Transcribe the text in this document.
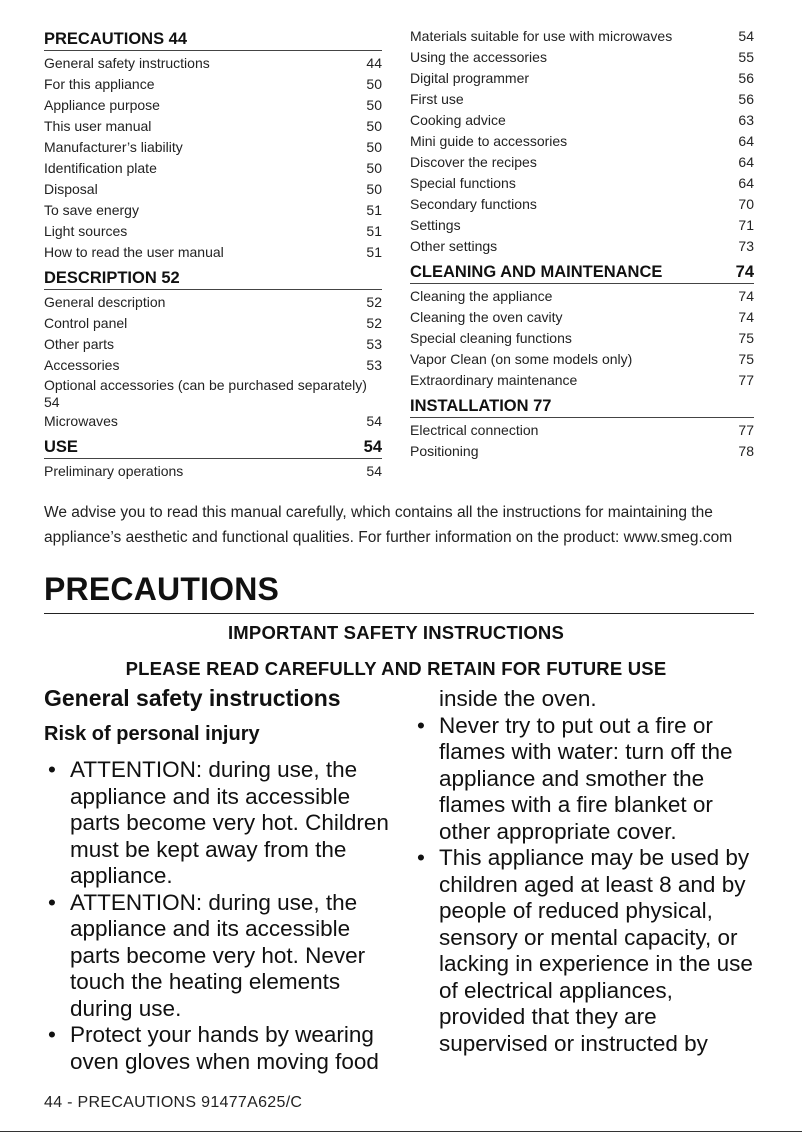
PRECAUTIONS 44
General safety instructions	44
For this appliance	50
Appliance purpose	50
This user manual	50
Manufacturer’s liability	50
Identification plate	50
Disposal	50
To save energy	51
Light sources	51
How to read the user manual	51
DESCRIPTION 52
General description	52
Control panel	52
Other parts	53
Accessories	53
Optional accessories (can be purchased separately) 54
Microwaves	54
USE	54
Preliminary operations	54
Materials suitable for use with microwaves	54
Using the accessories	55
Digital programmer	56
First use	56
Cooking advice	63
Mini guide to accessories	64
Discover the recipes	64
Special functions	64
Secondary functions	70
Settings	71
Other settings	73
CLEANING AND MAINTENANCE	74
Cleaning the appliance	74
Cleaning the oven cavity	74
Special cleaning functions	75
Vapor Clean (on some models only)	75
Extraordinary maintenance	77
INSTALLATION 77
Electrical connection	77
Positioning	78
We advise you to read this manual carefully, which contains all the instructions for maintaining the appliance’s aesthetic and functional qualities. For further information on the product: www.smeg.com
PRECAUTIONS
IMPORTANT SAFETY INSTRUCTIONS
PLEASE READ CAREFULLY AND RETAIN FOR FUTURE USE
General safety instructions
Risk of personal injury
• ATTENTION: during use, the appliance and its accessible parts become very hot. Children must be kept away from the appliance.
• ATTENTION: during use, the appliance and its accessible parts become very hot. Never touch the heating elements during use.
• Protect your hands by wearing oven gloves when moving food
inside the oven.
• Never try to put out a fire or flames with water: turn off the appliance and smother the flames with a fire blanket or other appropriate cover.
• This appliance may be used by children aged at least 8 and by people of reduced physical, sensory or mental capacity, or lacking in experience in the use of electrical appliances, provided that they are supervised or instructed by
44 - PRECAUTIONS 91477A625/C
